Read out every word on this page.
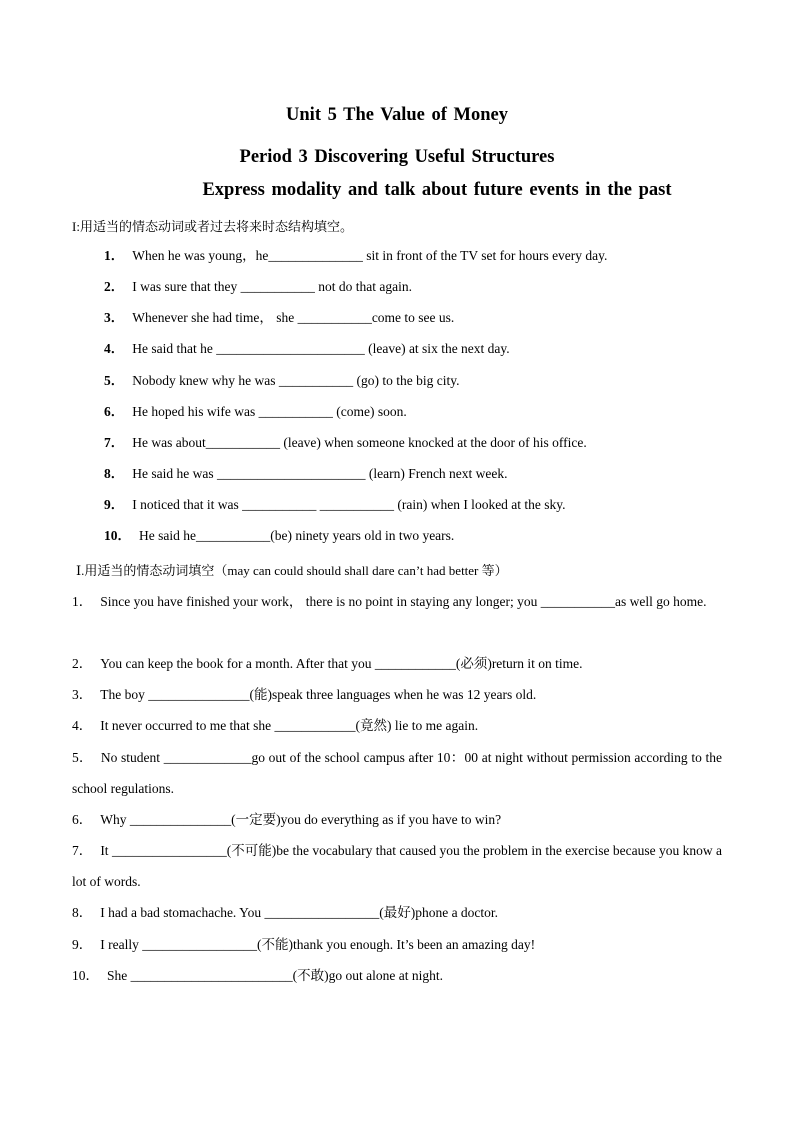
Unit 5 The Value of Money
Period 3 Discovering Useful Structures
Express modality and talk about future events in the past
I:用适当的情态动词或者过去将来时态结构填空。
1． When he was young，he______________ sit in front of the TV set for hours every day.
2． I was sure that they ___________ not do that again.
3． Whenever she had time， she ___________come to see us.
4． He said that he ______________________ (leave) at six the next day.
5． Nobody knew why he was ___________ (go) to the big city.
6． He hoped his wife was ___________ (come) soon.
7． He was about___________ (leave) when someone knocked at the door of his office.
8． He said he was ______________________ (learn) French next week.
9． I noticed that it was ___________ ___________ (rain) when I looked at the sky.
10． He said he___________(be) ninety years old in two years.
Ⅰ.用适当的情态动词填空（may can could should shall dare can’t had better 等）
1． Since you have finished your work， there is no point in staying any longer; you ___________as well go home.
2． You can keep the book for a month. After that you ____________(必须)return it on time.
3． The boy _______________(能)speak three languages when he was 12 years old.
4． It never occurred to me that she ____________(竟然) lie to me again.
5． No student _____________go out of the school campus after 10：00 at night without permission according to the school regulations.
6． Why _______________(一定要)you do everything as if you have to win?
7． It _________________(不可能)be the vocabulary that caused you the problem in the exercise because you know a lot of words.
8． I had a bad stomachache. You _________________(最好)phone a doctor.
9． I really _________________(不能)thank you enough. It’s been an amazing day!
10． She ________________________(不敢)go out alone at night.
